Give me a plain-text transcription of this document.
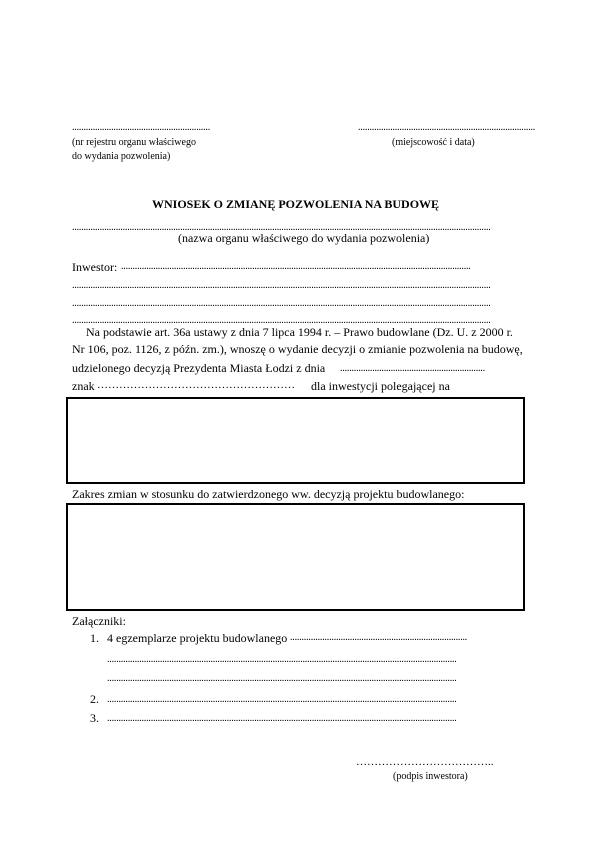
............................................................
(nr rejestru organu właściwego
do wydania pozwolenia)
.............................................................................
(miejscowość i data)
WNIOSEK O ZMIANĘ POZWOLENIA NA BUDOWĘ
......................................................................................................................................................................................
(nazwa organu właściwego do wydania pozwolenia)
Inwestor: ........................................................................................................................................................
......................................................................................................................................................................................
......................................................................................................................................................................................
......................................................................................................................................................................................
Na podstawie art. 36a ustawy z dnia 7 lipca 1994 r. – Prawo budowlane (Dz. U. z 2000 r.
Nr 106, poz. 1126, z późn. zm.), wnoszę o wydanie decyzji o zmianie pozwolenia na budowę,
udzielonego decyzją Prezydenta Miasta Łodzi z dnia ...............................................................
znak ………………………………………………	dla inwestycji polegającej na
Zakres zmian w stosunku do zatwierdzonego ww. decyzją projektu budowlanego:
Załączniki:
1. 4 egzemplarze projektu budowlanego .............................................................................
........................................................................................................................................................
........................................................................................................................................................
2. ........................................................................................................................................................
3. ........................................................................................................................................................
………………………………..
(podpis inwestora)
